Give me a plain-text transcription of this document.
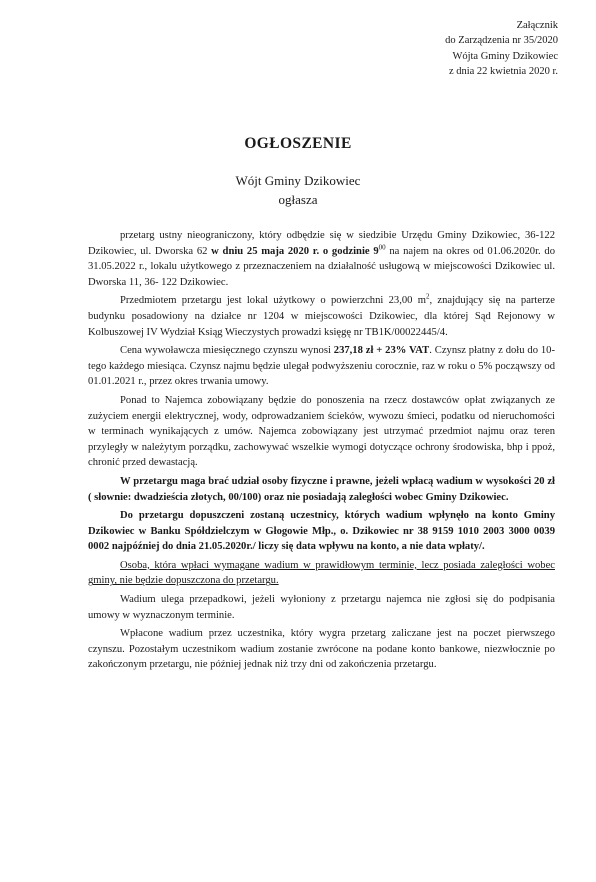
Załącznik
do Zarządzenia nr 35/2020
Wójta Gminy Dzikowiec
z dnia 22 kwietnia 2020 r.
OGŁOSZENIE
Wójt Gminy Dzikowiec
ogłasza

przetarg ustny nieograniczony, który odbędzie się w siedzibie Urzędu Gminy Dzikowiec, 36-122 Dzikowiec, ul. Dworska 62 w dniu 25 maja 2020 r. o godzinie $9^{00}$ na najem na okres od 01.06.2020r. do 31.05.2022 r., lokalu użytkowego z przeznaczeniem na działalność usługową w miejscowości Dzikowiec ul. Dworska 11, 36- 122 Dzikowiec.

Przedmiotem przetargu jest lokal użytkowy o powierzchni 23,00 $m^2$, znajdujący się na parterze budynku posadowiony na działce nr 1204 w miejscowości Dzikowiec, dla której Sąd Rejonowy w Kolbuszowej IV Wydział Ksiąg Wieczystych prowadzi księgę nr TB1K/00022445/4.

Cena wywoławcza miesięcznego czynszu wynosi 237,18 zł + 23% VAT. Czynsz płatny z dołu do 10- tego każdego miesiąca. Czynsz najmu będzie ulegał podwyższeniu corocznie, raz w roku o 5% począwszy od 01.01.2021 r., przez okres trwania umowy.

Ponad to Najemca zobowiązany będzie do ponoszenia na rzecz dostawców opłat związanych ze zużyciem energii elektrycznej, wody, odprowadzaniem ścieków, wywozu śmieci, podatku od nieruchomości w terminach wynikających z umów. Najemca zobowiązany jest utrzymać przedmiot najmu oraz teren przyległy w należytym porządku, zachowywać wszelkie wymogi dotyczące ochrony środowiska, bhp i ppoż, chronić przed dewastacją.

W przetargu maga brać udział osoby fizyczne i prawne, jeżeli wpłacą wadium w wysokości 20 zł ( słownie: dwadzieścia złotych, 00/100) oraz nie posiadają zaległości wobec Gminy Dzikowiec.

Do przetargu dopuszczeni zostaną uczestnicy, których wadium wpłynęło na konto Gminy Dzikowiec w Banku Spółdzielczym w Głogowie Młp., o. Dzikowiec nr 38 9159 1010 2003 3000 0039 0002 najpóźniej do dnia 21.05.2020r./ liczy się data wpływu na konto, a nie data wpłaty/.

Osoba, która wpłaci wymagane wadium w prawidłowym terminie, lecz posiada zaległości wobec gminy, nie będzie dopuszczona do przetargu.

Wadium ulega przepadkowi, jeżeli wyłoniony z przetargu najemca nie zgłosi się do podpisania umowy w wyznaczonym terminie.

Wpłacone wadium przez uczestnika, który wygra przetarg zaliczane jest na poczet pierwszego czynszu. Pozostałym uczestnikom wadium zostanie zwrócone na podane konto bankowe, niezwłocznie po zakończonym przetargu, nie później jednak niż trzy dni od zakończenia przetargu.
